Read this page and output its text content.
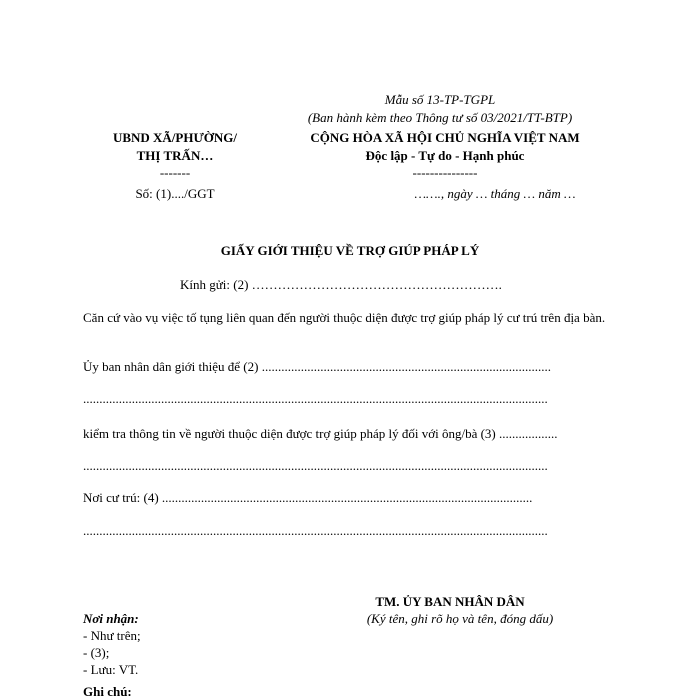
Mẫu số 13-TP-TGPL
(Ban hành kèm theo Thông tư số 03/2021/TT-BTP)
UBND XÃ/PHƯỜNG/
THỊ TRẤN…
-------
Số: (1)..../GGT
CỘNG HÒA XÃ HỘI CHỦ NGHĨA VIỆT NAM
Độc lập - Tự do - Hạnh phúc
---------------
……., ngày … tháng … năm …
GIẤY GIỚI THIỆU VỀ TRỢ GIÚP PHÁP LÝ
Kính gửi: (2) ………………………………………………….
Căn cứ vào vụ việc tố tụng liên quan đến người thuộc diện được trợ giúp pháp lý cư trú trên địa bàn.
Ủy ban nhân dân giới thiệu để (2) .........................................................................................
...............................................................................................................................................
kiểm tra thông tin về người thuộc diện được trợ giúp pháp lý đối với ông/bà (3) ..................
...............................................................................................................................................
Nơi cư trú: (4) ..................................................................................................................
...............................................................................................................................................
TM. ỦY BAN NHÂN DÂN
(Ký tên, ghi rõ họ và tên, đóng dấu)
Nơi nhận:
- Như trên;
- (3);
- Lưu: VT.
Ghi chú:
